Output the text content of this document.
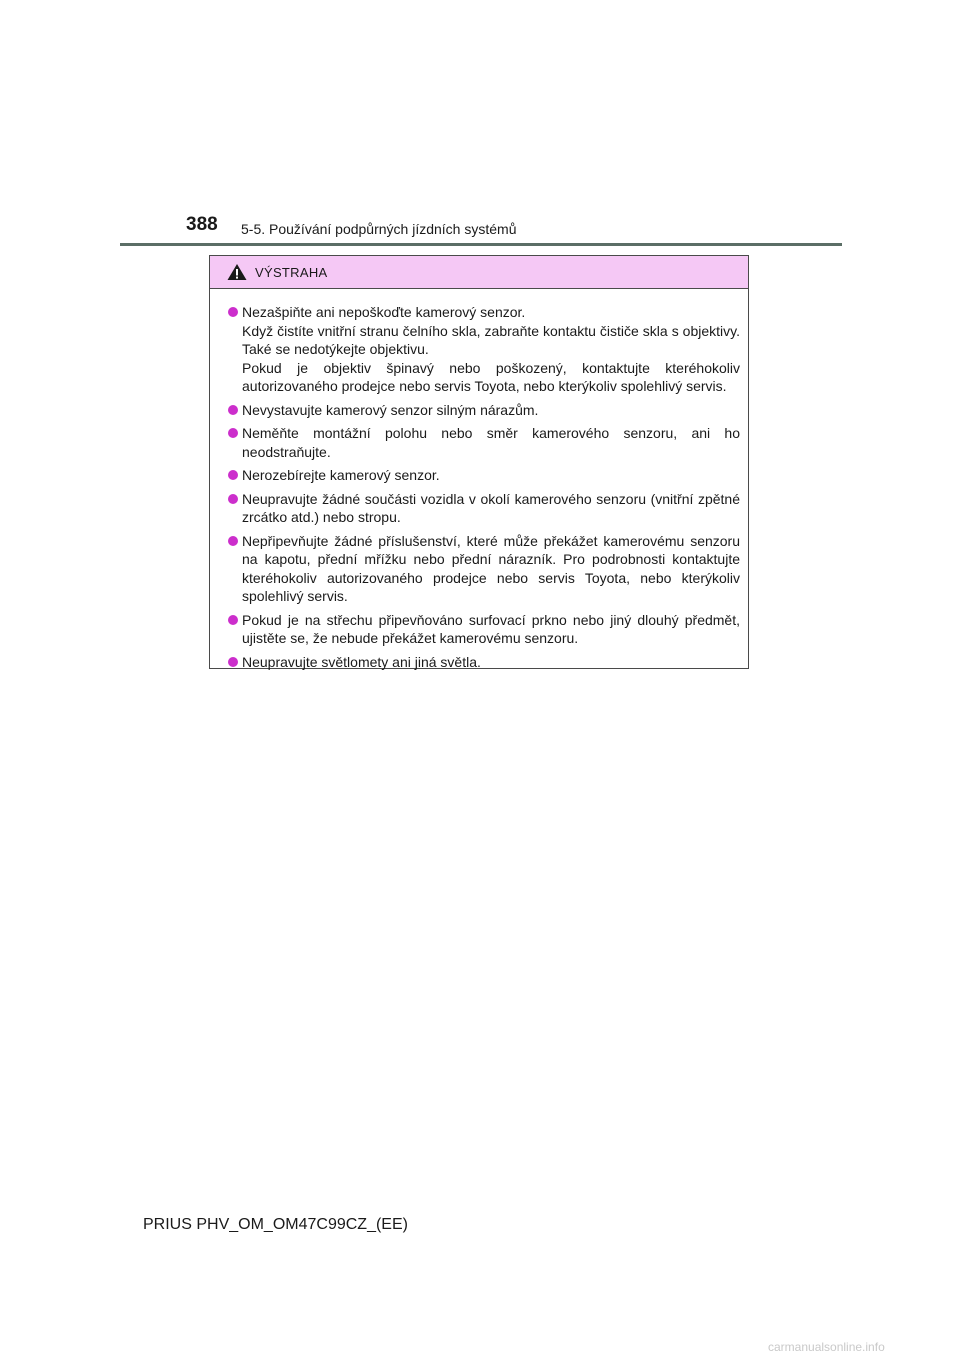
388 5-5. Používání podpůrných jízdních systémů
VÝSTRAHA
Nezašpiňte ani nepoškoďte kamerový senzor.
Když čistíte vnitřní stranu čelního skla, zabraňte kontaktu čističe skla s objektivy. Také se nedotýkejte objektivu.
Pokud je objektiv špinavý nebo poškozený, kontaktujte kteréhokoliv autorizovaného prodejce nebo servis Toyota, nebo kterýkoliv spolehlivý servis.
Nevystavujte kamerový senzor silným nárazům.
Neměňte montážní polohu nebo směr kamerového senzoru, ani ho neodstraňujte.
Nerozebírejte kamerový senzor.
Neupravujte žádné součásti vozidla v okolí kamerového senzoru (vnitřní zpětné zrcátko atd.) nebo stropu.
Nepřipevňujte žádné příslušenství, které může překážet kamerovému senzoru na kapotu, přední mřížku nebo přední nárazník. Pro podrobnosti kontaktujte kteréhokoliv autorizovaného prodejce nebo servis Toyota, nebo kterýkoliv spolehlivý servis.
Pokud je na střechu připevňováno surfovací prkno nebo jiný dlouhý předmět, ujistěte se, že nebude překážet kamerovému senzoru.
Neupravujte světlomety ani jiná světla.
PRIUS PHV_OM_OM47C99CZ_(EE)
carmanualsonline.info
